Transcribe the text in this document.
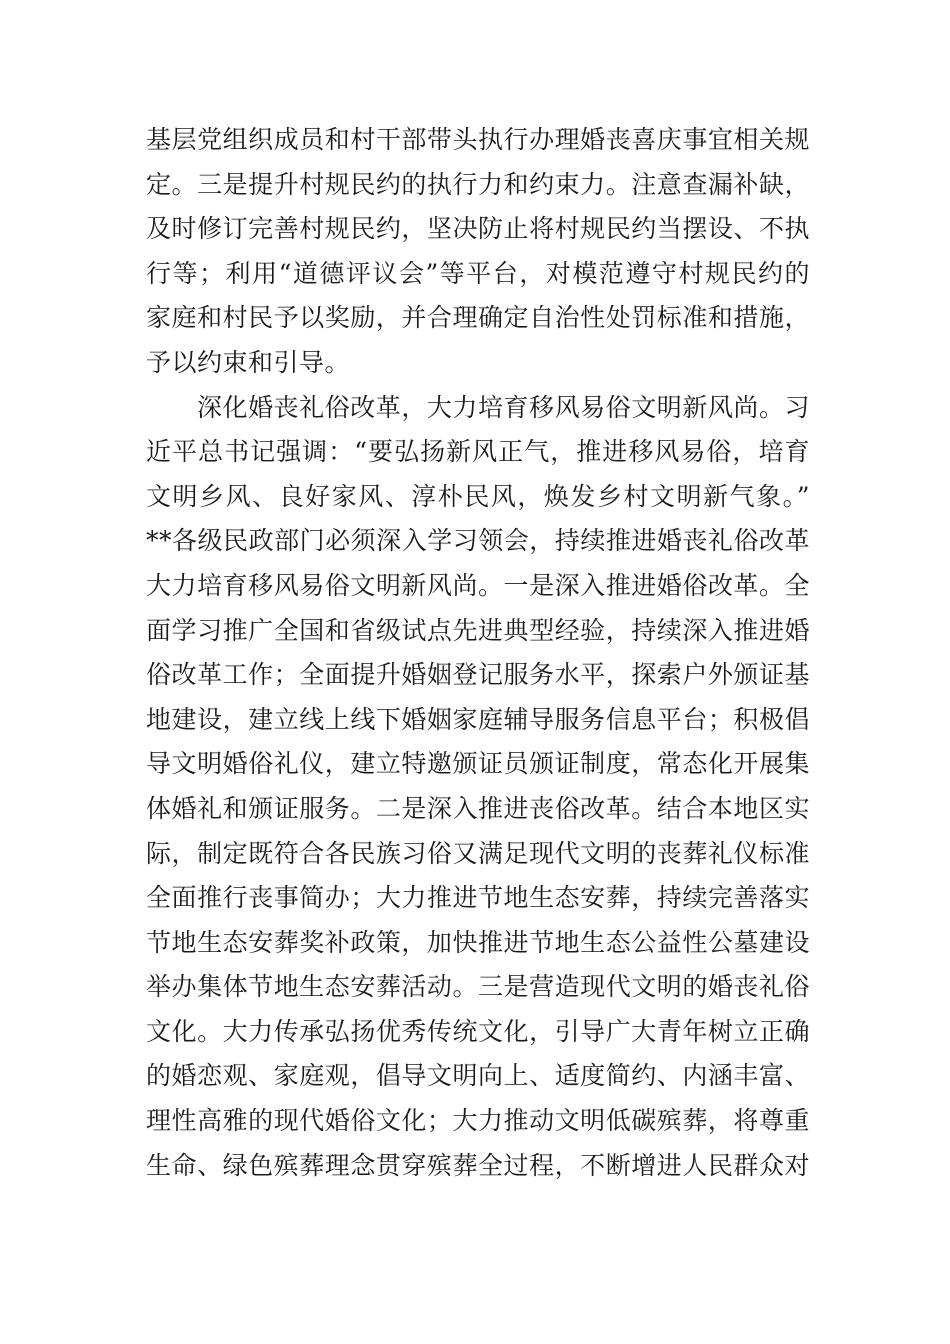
基层党组织成员和村干部带头执行办理婚丧喜庆事宜相关规
定。三是提升村规民约的执行力和约束力。注意查漏补缺，
及时修订完善村规民约，坚决防止将村规民约当摆设、不执
行等；利用“道德评议会”等平台，对模范遵守村规民约的
家庭和村民予以奖励，并合理确定自治性处罚标准和措施，
予以约束和引导。
深化婚丧礼俗改革，大力培育移风易俗文明新风尚。习
近平总书记强调：“要弘扬新风正气，推进移风易俗，培育
文明乡风、良好家风、淳朴民风，焕发乡村文明新气象。”
**各级民政部门必须深入学习领会，持续推进婚丧礼俗改革
大力培育移风易俗文明新风尚。一是深入推进婚俗改革。全
面学习推广全国和省级试点先进典型经验，持续深入推进婚
俗改革工作；全面提升婚姻登记服务水平，探索户外颁证基
地建设，建立线上线下婚姻家庭辅导服务信息平台；积极倡
导文明婚俗礼仪，建立特邀颁证员颁证制度，常态化开展集
体婚礼和颁证服务。二是深入推进丧俗改革。结合本地区实
际，制定既符合各民族习俗又满足现代文明的丧葬礼仪标准
全面推行丧事简办；大力推进节地生态安葬，持续完善落实
节地生态安葬奖补政策，加快推进节地生态公益性公墓建设
举办集体节地生态安葬活动。三是营造现代文明的婚丧礼俗
文化。大力传承弘扬优秀传统文化，引导广大青年树立正确
的婚恋观、家庭观，倡导文明向上、适度简约、内涵丰富、
理性高雅的现代婚俗文化；大力推动文明低碳殡葬，将尊重
生命、绿色殡葬理念贯穿殡葬全过程，不断增进人民群众对
